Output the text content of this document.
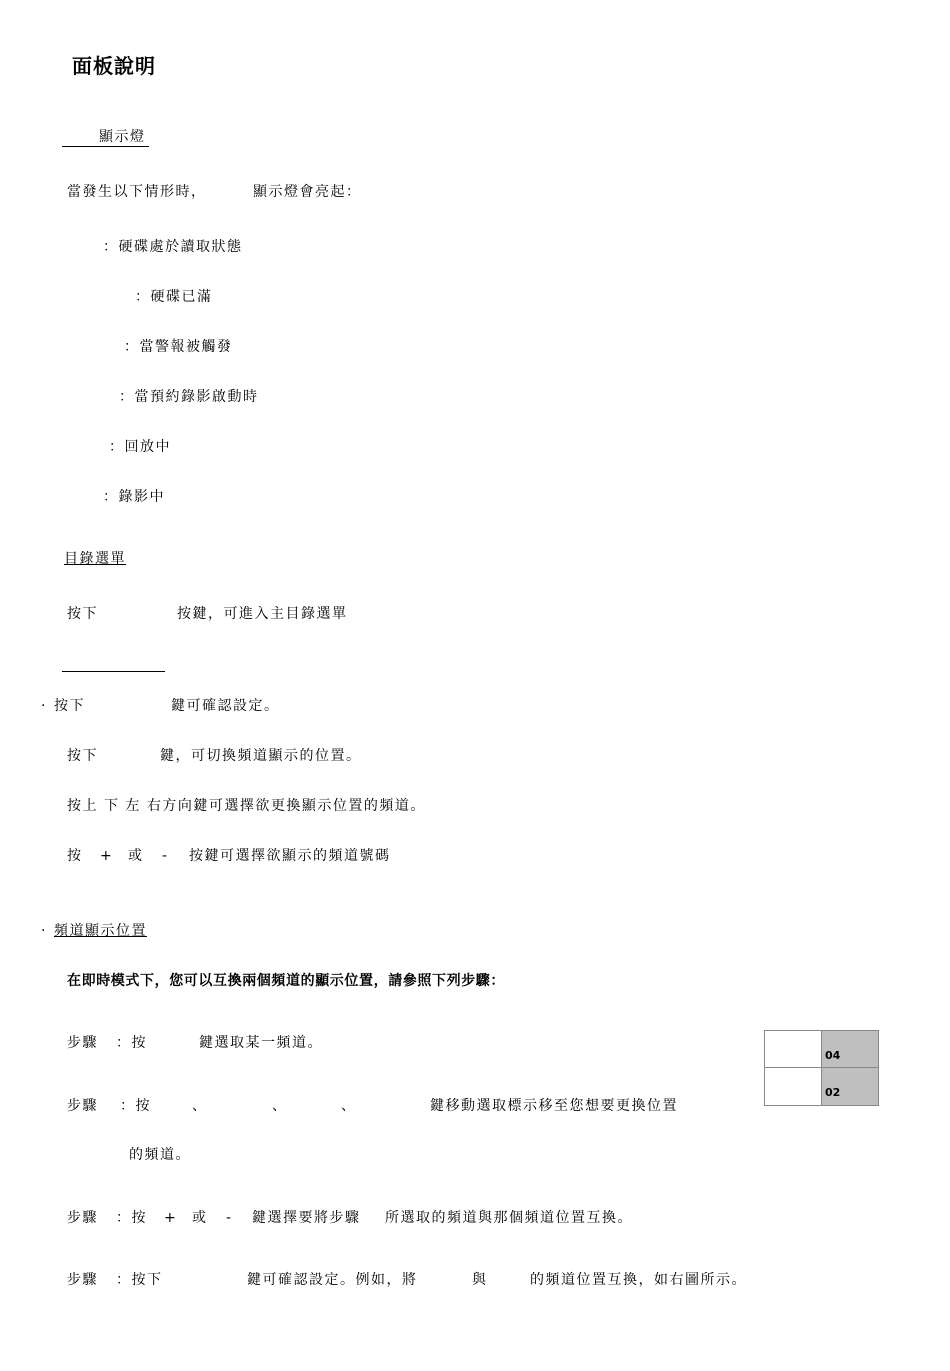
面板說明
顯示燈
當發生以下情形時，	顯示燈會亮起：
：硬碟處於讀取狀態
：硬碟已滿
：當警報被觸發
：當預約錄影啟動時
：回放中
：錄影中
目錄選單
按下	按鍵，可進入主目錄選單
· 按下	鍵可確認設定。
按下	鍵，可切換頻道顯示的位置。
按上 下 左 右方向鍵可選擇欲更換顯示位置的頻道。
按 + 或 - 按鍵可選擇欲顯示的頻道號碼
· 頻道顯示位置
在即時模式下，您可以互換兩個頻道的顯示位置，請參照下列步驟：
步驟 ：按	鍵選取某一頻道。
步驟 ：按	、	、	、	鍵移動選取標示移至您想要更換位置
的頻道。
步驟 ：按 + 或 - 鍵選擇要將步驟 所選取的頻道與那個頻道位置互換。
步驟 ：按下	鍵可確認設定。例如，將	與	的頻道位置互換，如右圖所示。
04
02
